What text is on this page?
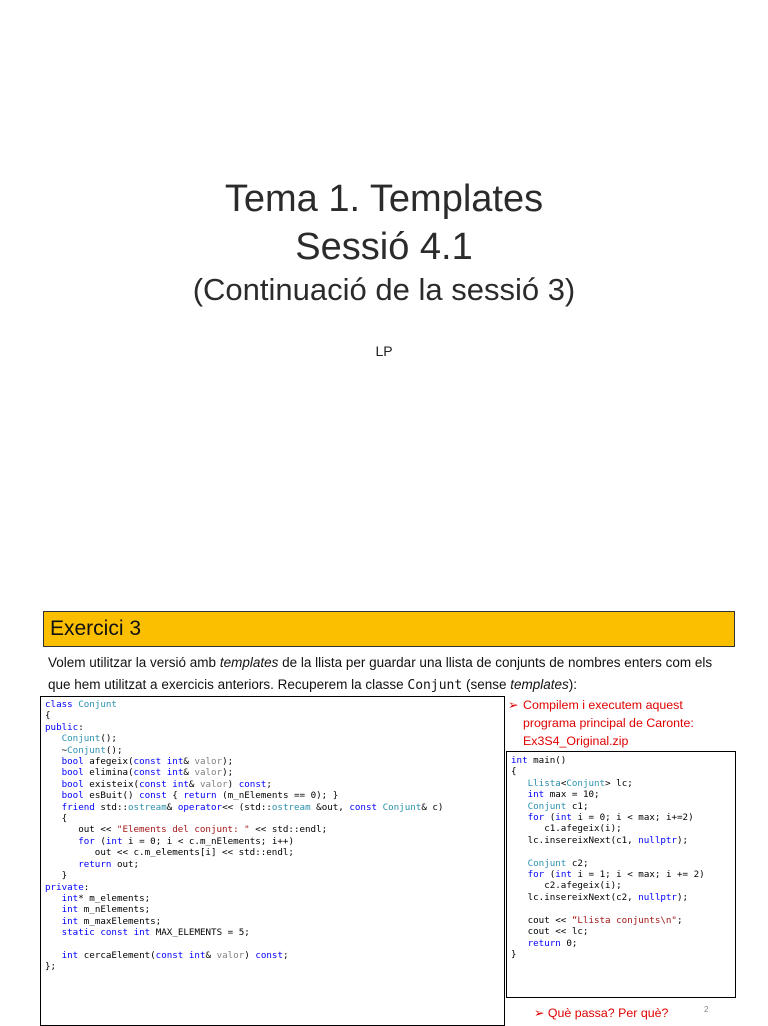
Tema 1. Templates
Sessió 4.1
(Continuació de la sessió 3)
LP
Exercici 3
Volem utilitzar la versió amb templates de la llista per guardar una llista de conjunts de nombres enters com els que hem utilitzat a exercicis anteriors. Recuperem la classe Conjunt (sense templates):
class Conjunt
{
public:
Conjunt();
~Conjunt();
bool afegeix(const int& valor);
bool elimina(const int& valor);
bool existeix(const int& valor) const;
bool esBuit() const { return (m_nElements == 0); }
friend std::ostream& operator<< (std::ostream &out, const Conjunt& c)
{
out << "Elements del conjunt: " << std::endl;
for (int i = 0; i < c.m_nElements; i++)
out << c.m_elements[i] << std::endl;
return out;
}
private:
int* m_elements;
int m_nElements;
int m_maxElements;
static const int MAX_ELEMENTS = 5;

int cercaElement(const int& valor) const;
};
➢ Compilem i executem aquest programa principal de Caronte: Ex3S4_Original.zip
int main()
{
Llista<Conjunt> lc;
int max = 10;
Conjunt c1;
for (int i = 0; i < max; i+=2)
c1.afegeix(i);
lc.insereixNext(c1, nullptr);

Conjunt c2;
for (int i = 1; i < max; i += 2)
c2.afegeix(i);
lc.insereixNext(c2, nullptr);

cout << “Llista conjunts\n";
cout << lc;
return 0;
}
➢ Què passa? Per què?	2
